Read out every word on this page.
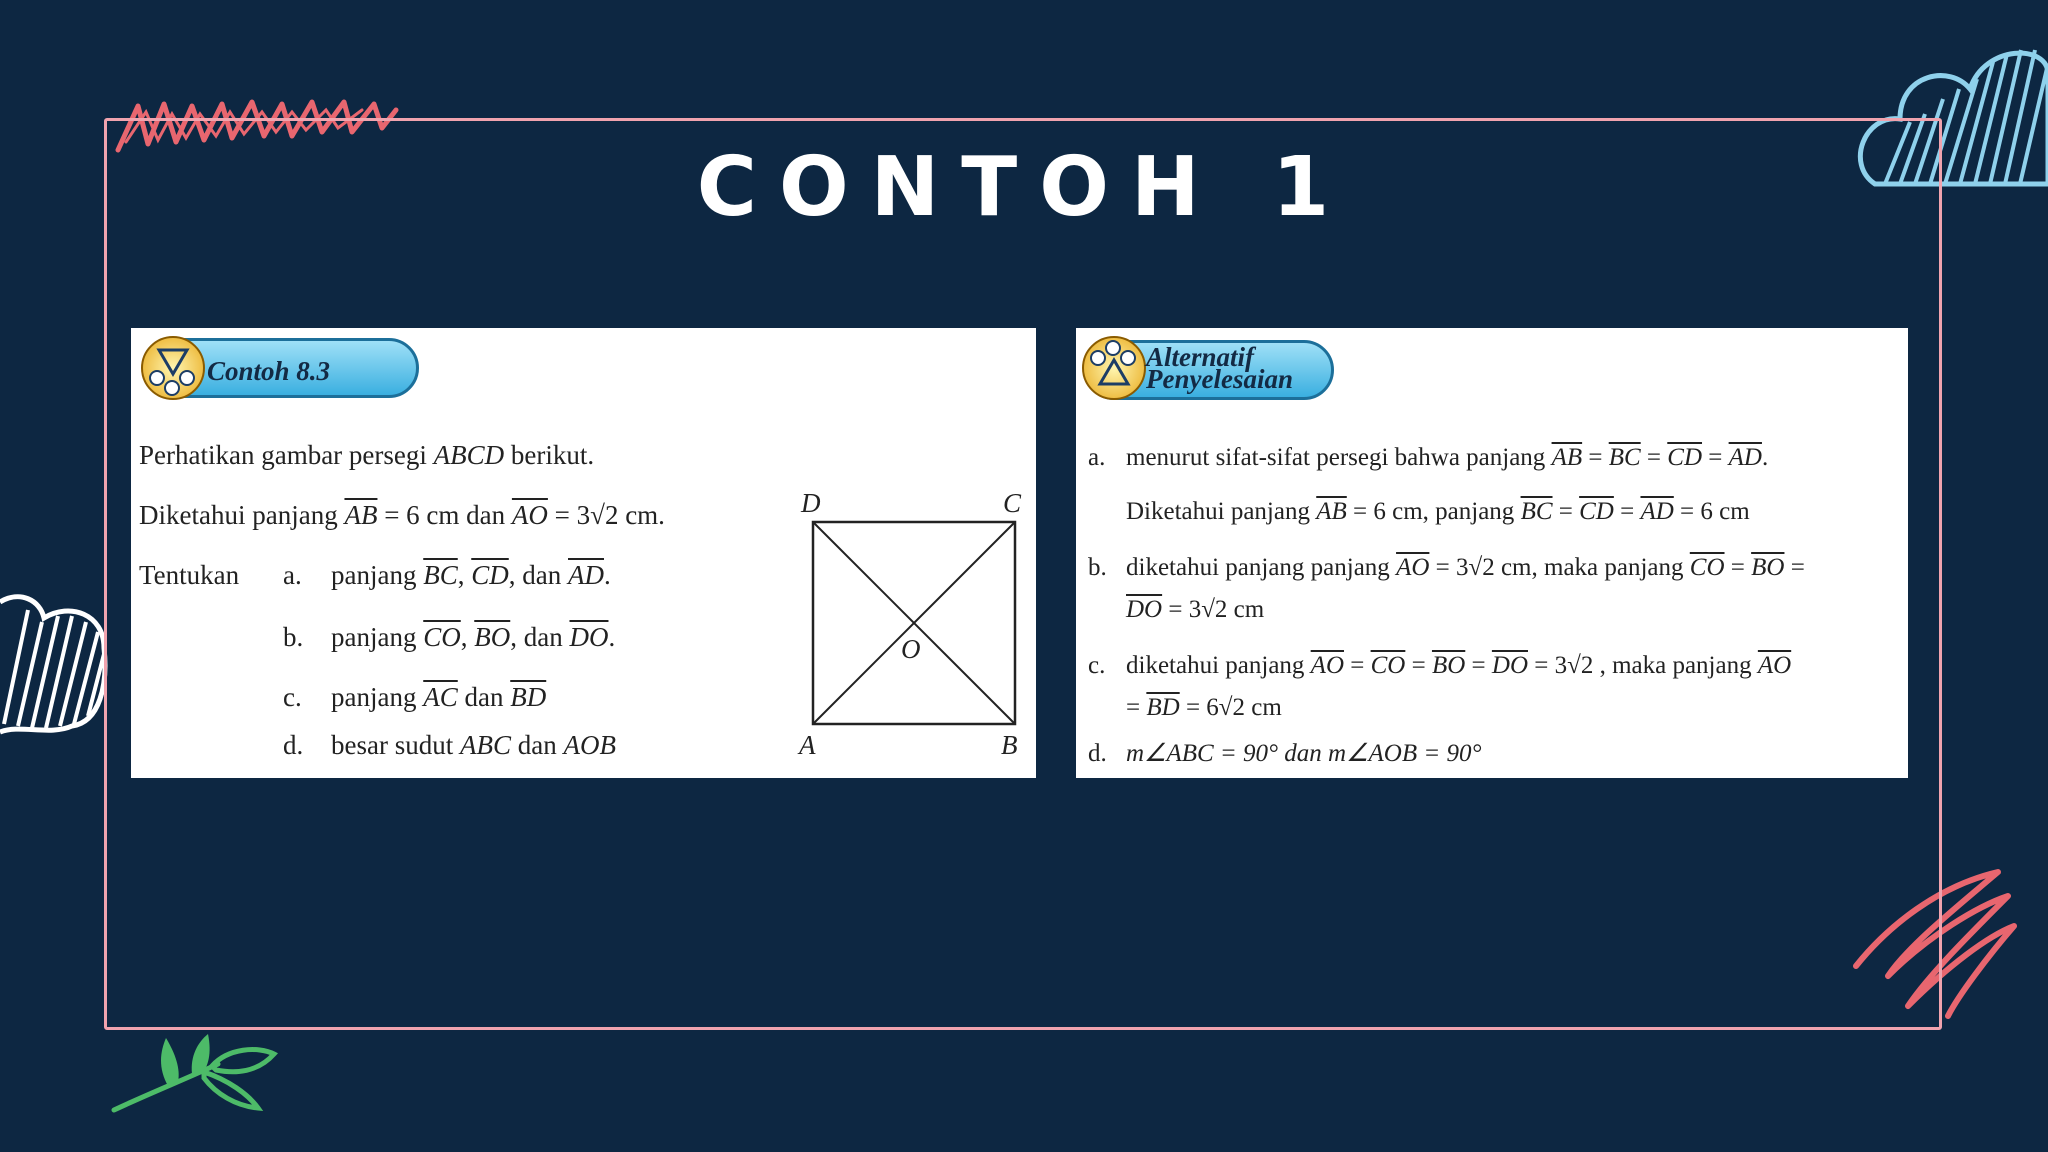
CONTOH 1
Contoh 8.3
Perhatikan gambar persegi ABCD berikut.
Diketahui panjang $\overline{AB} = 6$ cm dan $\overline{AO} = 3√2$ cm.
Tentukan a. panjang $\overline{BC}$, $\overline{CD}$, dan $\overline{AD}$.
b. panjang $\overline{CO}$, $\overline{BO}$, dan $\overline{DO}$.
c. panjang $\overline{AC}$ dan $\overline{BD}$
d. besar sudut ABC dan AOB
D	C
A	B
O
Alternatif
Penyelesaian
a. menurut sifat-sifat persegi bahwa panjang $\overline{AB} = \overline{BC} = \overline{CD} = \overline{AD}$.
Diketahui panjang $\overline{AB} = 6$ cm, panjang $\overline{BC} = \overline{CD} = \overline{AD} = 6$ cm
b. diketahui panjang panjang $\overline{AO} = 3√2$ cm, maka panjang $\overline{CO} = \overline{BO}$ =
$\overline{DO} = 3√2$ cm
c. diketahui panjang $\overline{AO} = \overline{CO} = \overline{BO} = \overline{DO} = 3√2$ , maka panjang $\overline{AO}$
= $\overline{BD} = 6√2$ cm
d. m∠ABC = 90° dan m∠AOB = 90°
